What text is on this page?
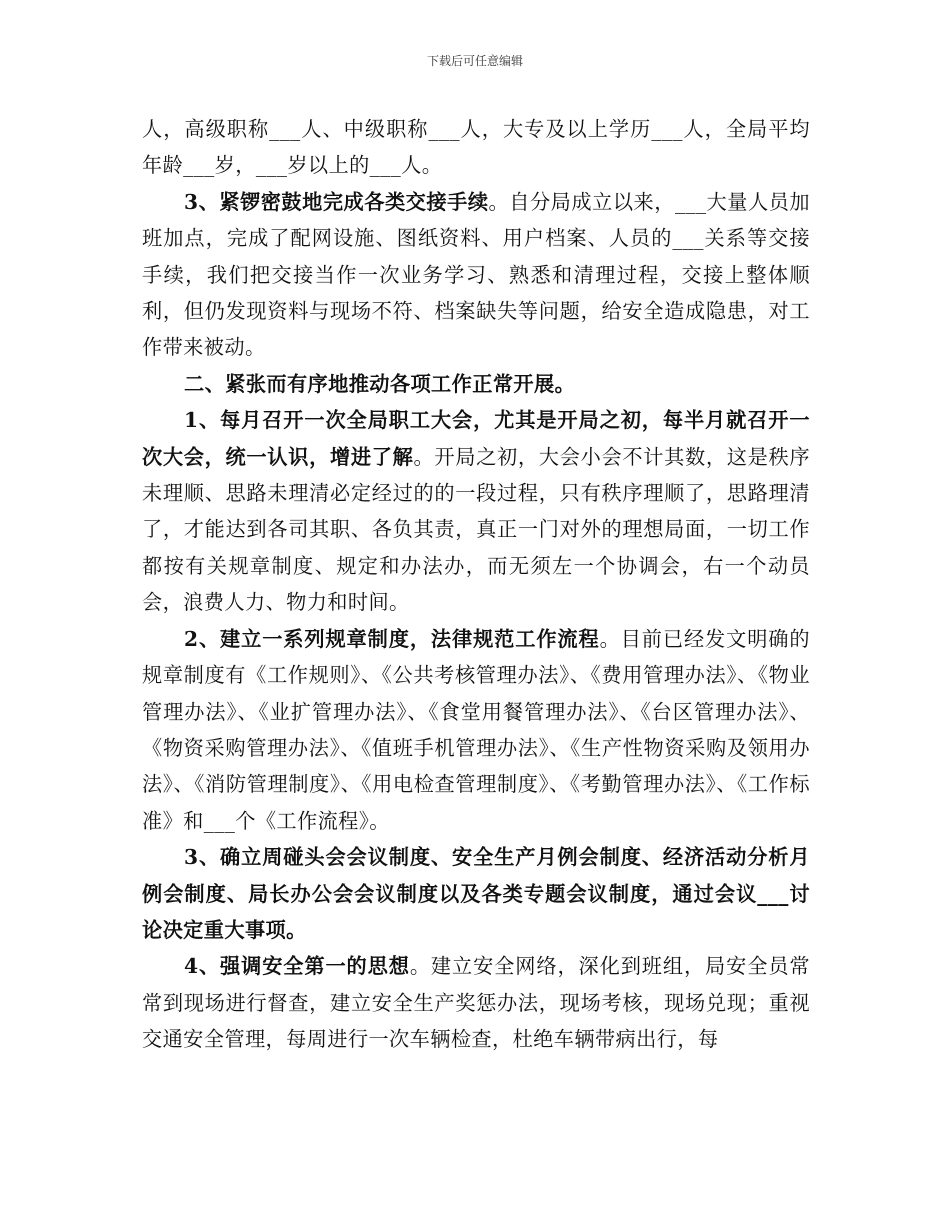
下载后可任意编辑

人，高级职称___人、中级职称___人，大专及以上学历___人，全局平均年龄___岁，___岁以上的___人。

3、紧锣密鼓地完成各类交接手续。自分局成立以来，___大量人员加班加点，完成了配网设施、图纸资料、用户档案、人员的___关系等交接手续，我们把交接当作一次业务学习、熟悉和清理过程，交接上整体顺利，但仍发现资料与现场不符、档案缺失等问题，给安全造成隐患，对工作带来被动。

二、紧张而有序地推动各项工作正常开展。

1、每月召开一次全局职工大会，尤其是开局之初，每半月就召开一次大会，统一认识，增进了解。开局之初，大会小会不计其数，这是秩序未理顺、思路未理清必定经过的的一段过程，只有秩序理顺了，思路理清了，才能达到各司其职、各负其责，真正一门对外的理想局面，一切工作都按有关规章制度、规定和办法办，而无须左一个协调会，右一个动员会，浪费人力、物力和时间。

2、建立一系列规章制度，法律规范工作流程。目前已经发文明确的规章制度有《工作规则》、《公共考核管理办法》、《费用管理办法》、《物业管理办法》、《业扩管理办法》、《食堂用餐管理办法》、《台区管理办法》、《物资采购管理办法》、《值班手机管理办法》、《生产性物资采购及领用办法》、《消防管理制度》、《用电检查管理制度》、《考勤管理办法》、《工作标准》和___个《工作流程》。

3、确立周碰头会会议制度、安全生产月例会制度、经济活动分析月例会制度、局长办公会会议制度以及各类专题会议制度，通过会议___讨论决定重大事项。

4、强调安全第一的思想。建立安全网络，深化到班组，局安全员常常到现场进行督查，建立安全生产奖惩办法，现场考核，现场兑现；重视交通安全管理，每周进行一次车辆检查，杜绝车辆带病出行，每
